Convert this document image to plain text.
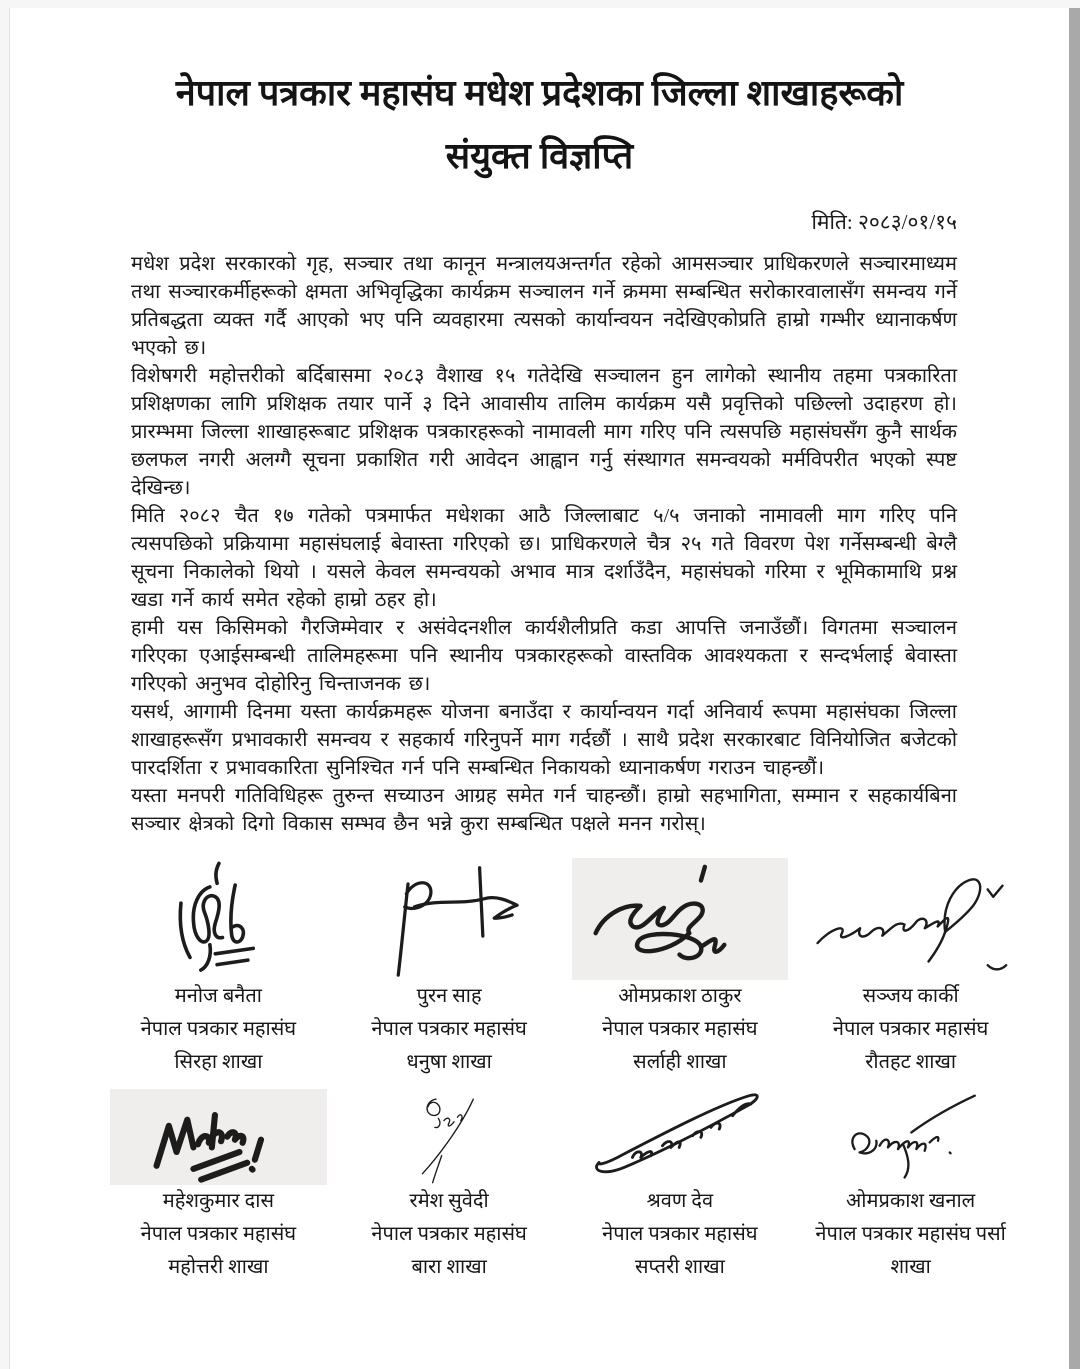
नेपाल पत्रकार महासंघ मधेश प्रदेशका जिल्ला शाखाहरूको
संयुक्त विज्ञप्ति
मिति: २०८३/०१/१५

मधेश प्रदेश सरकारको गृह, सञ्चार तथा कानून मन्त्रालयअन्तर्गत रहेको आमसञ्चार प्राधिकरणले सञ्चारमाध्यम तथा सञ्चारकर्मीहरूको क्षमता अभिवृद्धिका कार्यक्रम सञ्चालन गर्ने क्रममा सम्बन्धित सरोकारवालासँग समन्वय गर्ने प्रतिबद्धता व्यक्त गर्दै आएको भए पनि व्यवहारमा त्यसको कार्यान्वयन नदेखिएकोप्रति हाम्रो गम्भीर ध्यानाकर्षण भएको छ।

विशेषगरी महोत्तरीको बर्दिबासमा २०८३ वैशाख १५ गतेदेखि सञ्चालन हुन लागेको स्थानीय तहमा पत्रकारिता प्रशिक्षणका लागि प्रशिक्षक तयार पार्ने ३ दिने आवासीय तालिम कार्यक्रम यसै प्रवृत्तिको पछिल्लो उदाहरण हो। प्रारम्भमा जिल्ला शाखाहरूबाट प्रशिक्षक पत्रकारहरूको नामावली माग गरिए पनि त्यसपछि महासंघसँग कुनै सार्थक छलफल नगरी अलग्गै सूचना प्रकाशित गरी आवेदन आह्वान गर्नु संस्थागत समन्वयको मर्मविपरीत भएको स्पष्ट देखिन्छ।

मिति २०८२ चैत १७ गतेको पत्रमार्फत मधेशका आठै जिल्लाबाट ५/५ जनाको नामावली माग गरिए पनि त्यसपछिको प्रक्रियामा महासंघलाई बेवास्ता गरिएको छ। प्राधिकरणले चैत्र २५ गते विवरण पेश गर्नेसम्बन्धी बेग्लै सूचना निकालेको थियो । यसले केवल समन्वयको अभाव मात्र दर्शाउँदैन, महासंघको गरिमा र भूमिकामाथि प्रश्न खडा गर्ने कार्य समेत रहेको हाम्रो ठहर हो।

हामी यस किसिमको गैरजिम्मेवार र असंवेदनशील कार्यशैलीप्रति कडा आपत्ति जनाउँछौं। विगतमा सञ्चालन गरिएका एआईसम्बन्धी तालिमहरूमा पनि स्थानीय पत्रकारहरूको वास्तविक आवश्यकता र सन्दर्भलाई बेवास्ता गरिएको अनुभव दोहोरिनु चिन्ताजनक छ।

यसर्थ, आगामी दिनमा यस्ता कार्यक्रमहरू योजना बनाउँदा र कार्यान्वयन गर्दा अनिवार्य रूपमा महासंघका जिल्ला शाखाहरूसँग प्रभावकारी समन्वय र सहकार्य गरिनुपर्ने माग गर्दछौं । साथै प्रदेश सरकारबाट विनियोजित बजेटको पारदर्शिता र प्रभावकारिता सुनिश्चित गर्न पनि सम्बन्धित निकायको ध्यानाकर्षण गराउन चाहन्छौं।

यस्ता मनपरी गतिविधिहरू तुरुन्त सच्याउन आग्रह समेत गर्न चाहन्छौं। हाम्रो सहभागिता, सम्मान र सहकार्यबिना सञ्चार क्षेत्रको दिगो विकास सम्भव छैन भन्ने कुरा सम्बन्धित पक्षले मनन गरोस्।

मनोज बनैता
नेपाल पत्रकार महासंघ
सिरहा शाखा
पुरन साह
नेपाल पत्रकार महासंघ
धनुषा शाखा
ओमप्रकाश ठाकुर
नेपाल पत्रकार महासंघ
सर्लाही शाखा
सञ्जय कार्की
नेपाल पत्रकार महासंघ
रौतहट शाखा
महेशकुमार दास
नेपाल पत्रकार महासंघ
महोत्तरी शाखा
रमेश सुवेदी
नेपाल पत्रकार महासंघ
बारा शाखा
श्रवण देव
नेपाल पत्रकार महासंघ
सप्तरी शाखा
ओमप्रकाश खनाल
नेपाल पत्रकार महासंघ पर्सा
शाखा
